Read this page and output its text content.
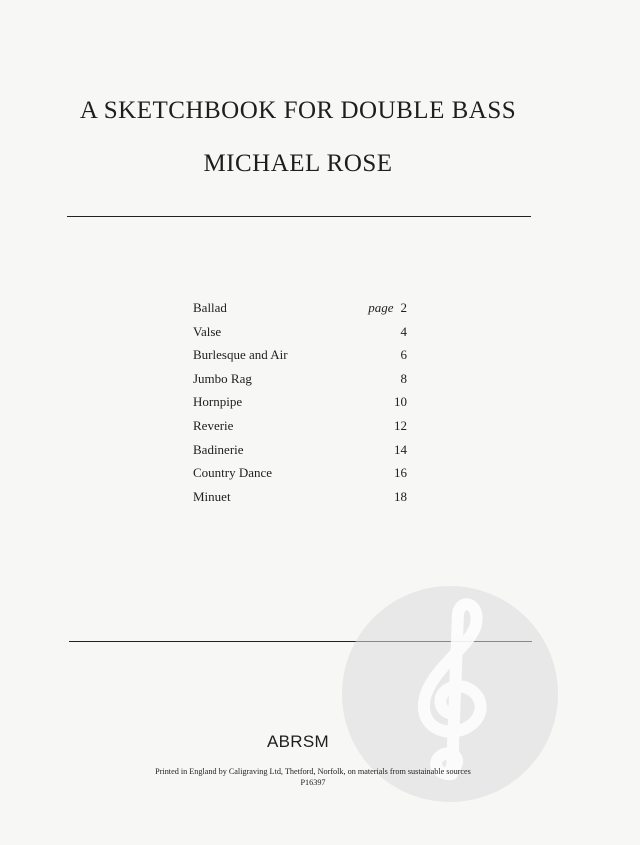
A SKETCHBOOK FOR DOUBLE BASS
MICHAEL ROSE
Ballad	page 2
Valse	4
Burlesque and Air	6
Jumbo Rag	8
Hornpipe	10
Reverie	12
Badinerie	14
Country Dance	16
Minuet	18
ABRSM
Printed in England by Caligraving Ltd, Thetford, Norfolk, on materials from sustainable sources
P16397
